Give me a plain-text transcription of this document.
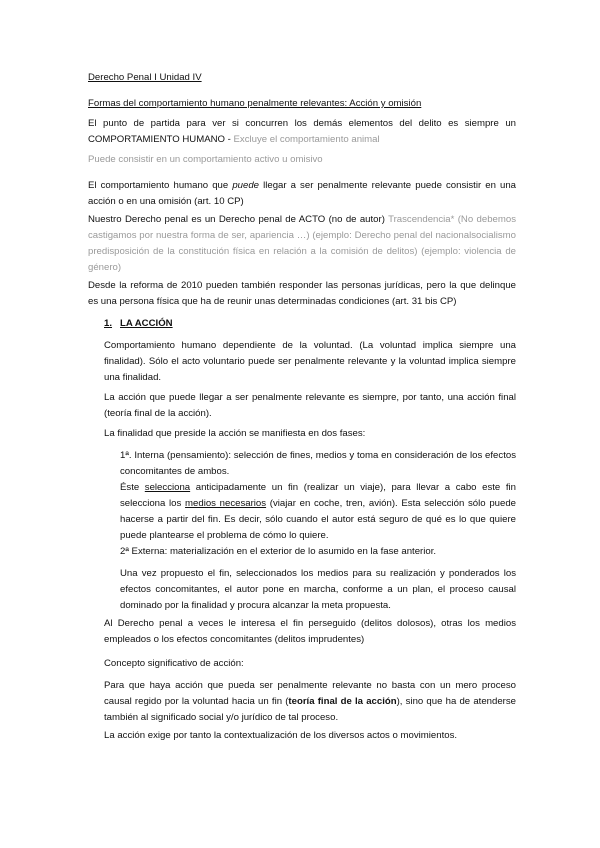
Derecho Penal I Unidad IV

Formas del comportamiento humano penalmente relevantes: Acción y omisión

El punto de partida para ver si concurren los demás elementos del delito es siempre un COMPORTAMIENTO HUMANO - Excluye el comportamiento animal

Puede consistir en un comportamiento activo u omisivo

El comportamiento humano que puede llegar a ser penalmente relevante puede consistir en una acción o en una omisión (art. 10 CP)

Nuestro Derecho penal es un Derecho penal de ACTO (no de autor) Trascendencia* (No debemos castigamos por nuestra forma de ser, apariencia …) (ejemplo: Derecho penal del nacionalsocialismo predisposición de la constitución física en relación a la comisión de delitos) (ejemplo: violencia de género)

Desde la reforma de 2010 pueden también responder las personas jurídicas, pero la que delinque es una persona física que ha de reunir unas determinadas condiciones (art. 31 bis CP)

1. LA ACCIÓN

Comportamiento humano dependiente de la voluntad. (La voluntad implica siempre una finalidad). Sólo el acto voluntario puede ser penalmente relevante y la voluntad implica siempre una finalidad.

La acción que puede llegar a ser penalmente relevante es siempre, por tanto, una acción final (teoría final de la acción).

La finalidad que preside la acción se manifiesta en dos fases:

1ª. Interna (pensamiento): selección de fines, medios y toma en consideración de los efectos concomitantes de ambos.
Éste selecciona anticipadamente un fin (realizar un viaje), para llevar a cabo este fin selecciona los medios necesarios (viajar en coche, tren, avión). Esta selección sólo puede hacerse a partir del fin. Es decir, sólo cuando el autor está seguro de qué es lo que quiere puede plantearse el problema de cómo lo quiere.

2ª Externa: materialización en el exterior de lo asumido en la fase anterior.

Una vez propuesto el fin, seleccionados los medios para su realización y ponderados los efectos concomitantes, el autor pone en marcha, conforme a un plan, el proceso causal dominado por la finalidad y procura alcanzar la meta propuesta.

Al Derecho penal a veces le interesa el fin perseguido (delitos dolosos), otras los medios empleados o los efectos concomitantes (delitos imprudentes)

Concepto significativo de acción:

Para que haya acción que pueda ser penalmente relevante no basta con un mero proceso causal regido por la voluntad hacia un fin (teoría final de la acción), sino que ha de atenderse también al significado social y/o jurídico de tal proceso.

La acción exige por tanto la contextualización de los diversos actos o movimientos.
